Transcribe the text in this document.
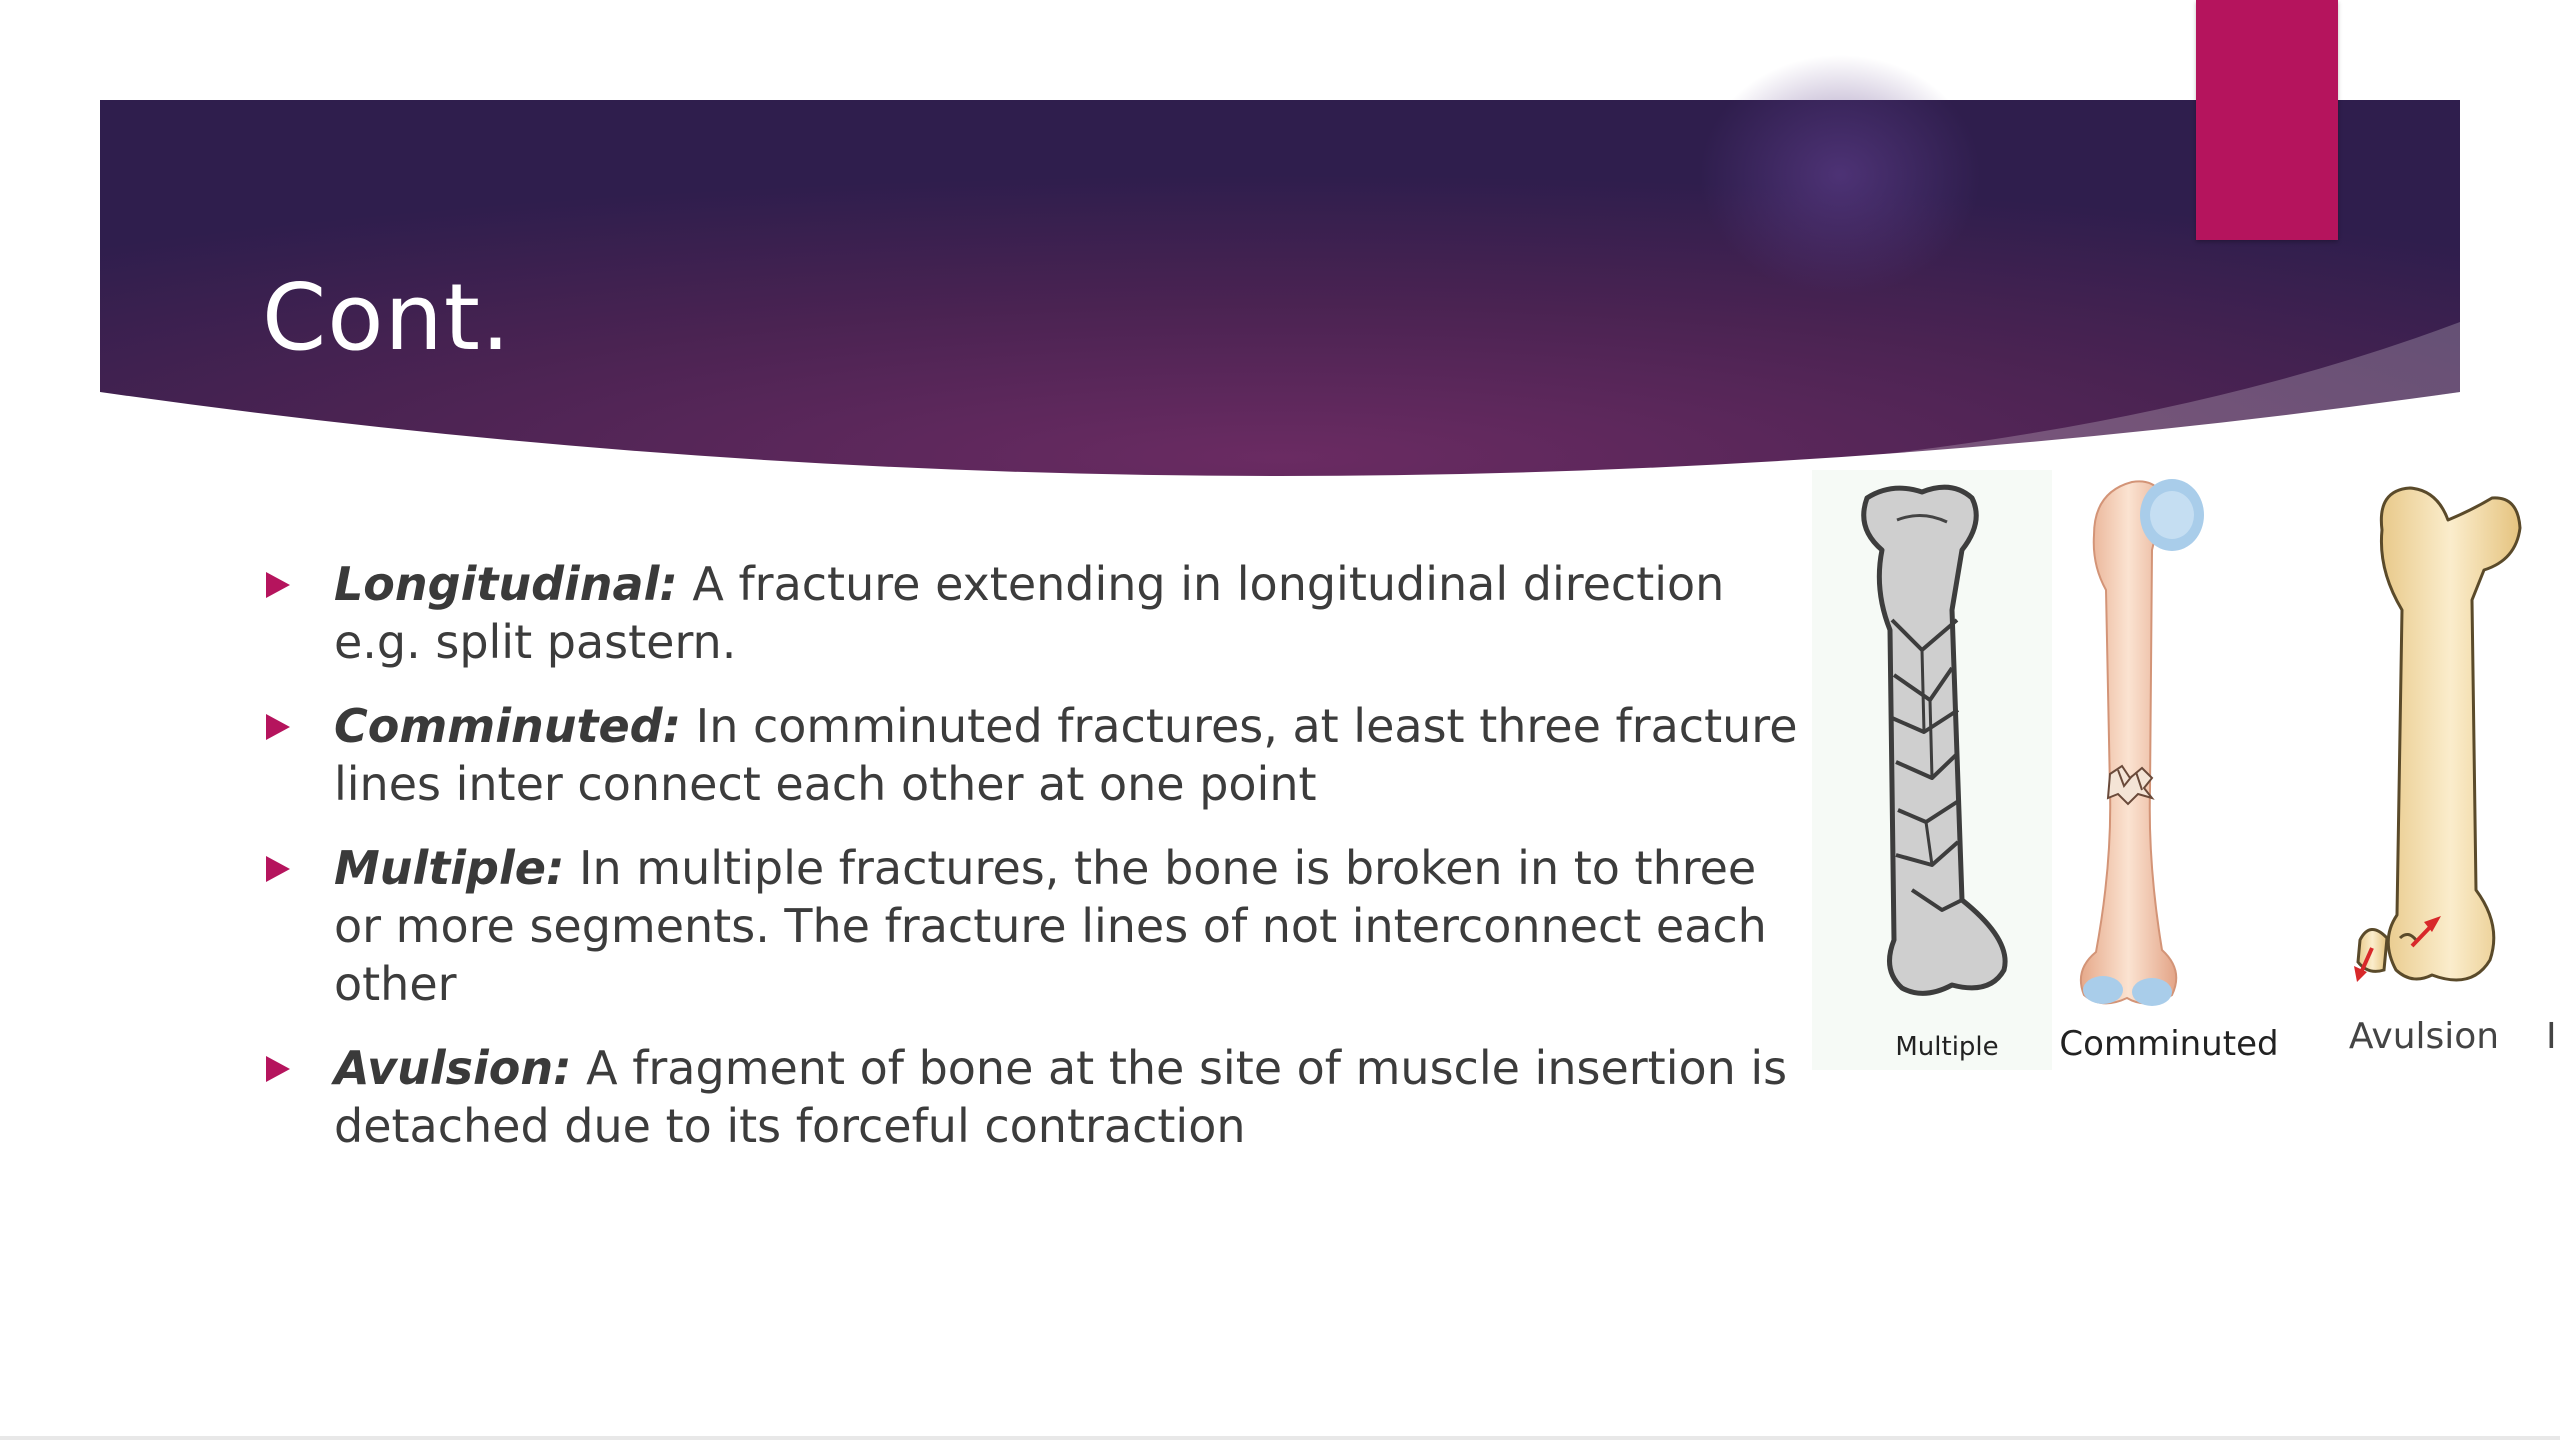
Cont.
Longitudinal: A fracture extending in longitudinal direction e.g. split pastern.
Comminuted: In comminuted fractures, at least three fracture lines inter connect each other at one point
Multiple: In multiple fractures, the bone is broken in to three or more segments. The fracture lines of not interconnect each other
Avulsion: A fragment of bone at the site of muscle insertion is detached due to its forceful contraction
Multiple Comminuted Avulsion I
